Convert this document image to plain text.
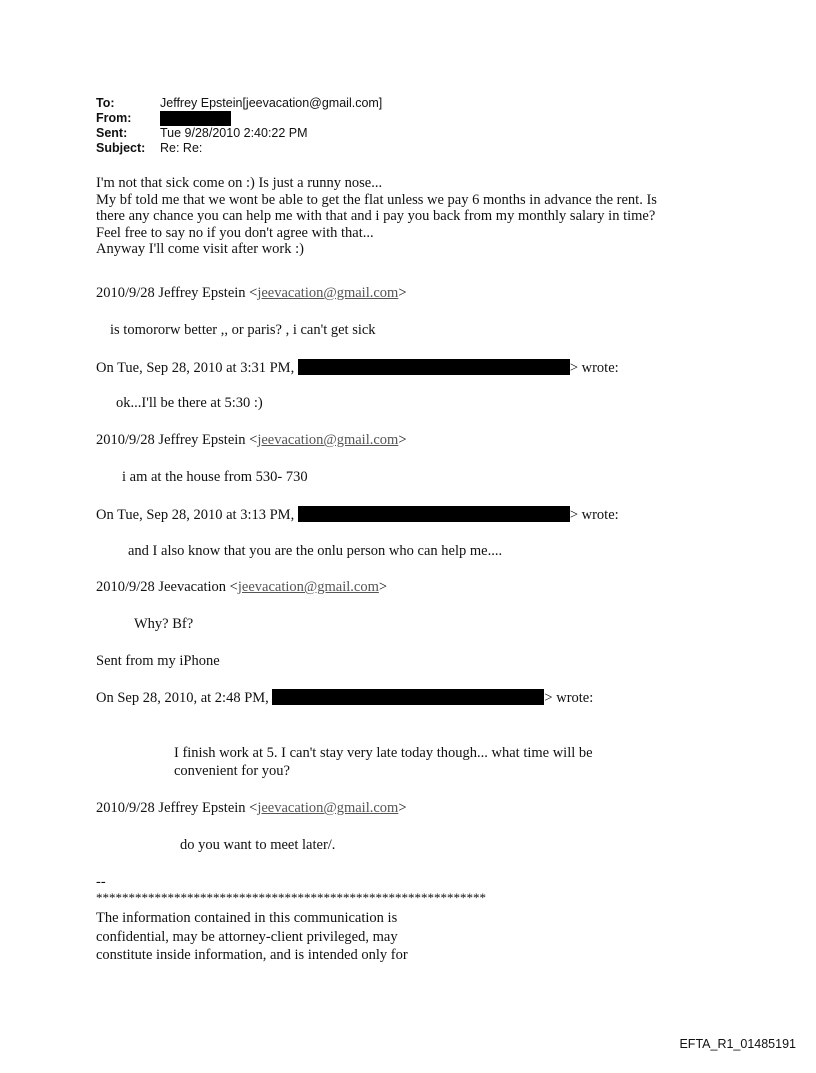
To:	Jeffrey Epstein[jeevacation@gmail.com]
From:
Sent:	Tue 9/28/2010 2:40:22 PM
Subject:	Re: Re:
I'm not that sick come on :) Is just a runny nose...
My bf told me that we wont be able to get the flat unless we pay 6 months in advance the rent. Is
there any chance you can help me with that and i pay you back from my monthly salary in time?
Feel free to say no if you don't agree with that...
Anyway I'll come visit after work :)
2010/9/28 Jeffrey Epstein <jeevacation@gmail.com>
is tomororw better ,, or paris? , i can't get sick
On Tue, Sep 28, 2010 at 3:31 PM,	> wrote:
ok...I'll be there at 5:30 :)
2010/9/28 Jeffrey Epstein <jeevacation@gmail.com>
i am at the house from 530- 730
On Tue, Sep 28, 2010 at 3:13 PM,	> wrote:
and I also know that you are the onlu person who can help me....
2010/9/28 Jeevacation <jeevacation@gmail.com>
Why? Bf?
Sent from my iPhone
On Sep 28, 2010, at 2:48 PM,	> wrote:
I finish work at 5. I can't stay very late today though... what time will be
convenient for you?
2010/9/28 Jeffrey Epstein <jeevacation@gmail.com>
do you want to meet later/.
--
************************************************************
The information contained in this communication is
confidential, may be attorney-client privileged, may
constitute inside information, and is intended only for
EFTA_R1_01485191
